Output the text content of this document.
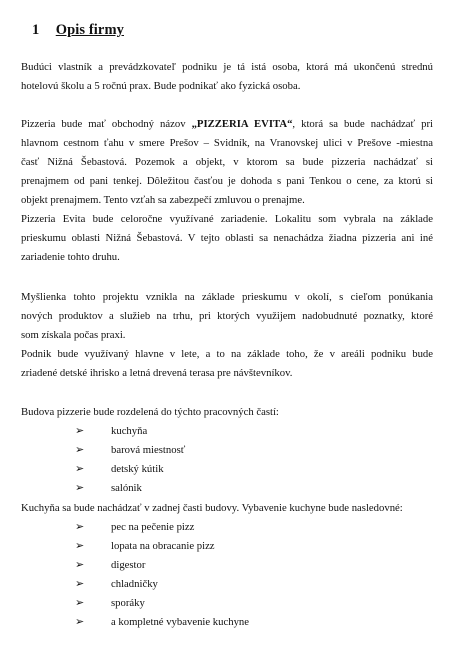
1 Opis firmy

Budúci vlastník a prevádzkovateľ podniku je tá istá osoba, ktorá má ukončenú strednú
hotelovú školu a 5 ročnú prax. Bude podnikať ako fyzická osoba.

Pizzeria bude mať obchodný názov „PIZZERIA EVITA“, ktorá sa bude nachádzať pri
hlavnom cestnom ťahu v smere Prešov – Svidník, na Vranovskej ulici v Prešove -miestna
časť Nižná Šebastová. Pozemok a objekt, v ktorom sa bude pizzeria nachádzať si
prenajmem od pani tenkej. Dôležitou časťou je dohoda s pani Tenkou o cene, za ktorú si
objekt prenajmem. Tento vzťah sa zabezpečí zmluvou o prenajme.

Pizzeria Evita bude celoročne využívané zariadenie. Lokalitu som vybrala na základe
prieskumu oblasti Nižná Šebastová. V tejto oblasti sa nenachádza žiadna pizzeria ani iné
zariadenie tohto druhu.

Myšlienka tohto projektu vznikla na základe prieskumu v okolí, s cieľom ponúkania
nových produktov a služieb na trhu, pri ktorých využijem nadobudnuté poznatky, ktoré
som získala počas praxi.

Podnik bude využívaný hlavne v lete, a to na základe toho, že v areáli podniku bude
zriadené detské ihrisko a letná drevená terasa pre návštevníkov.

Budova pizzerie bude rozdelená do týchto pracovných častí:
➢	kuchyňa
➢	barová miestnosť
➢	detský kútik
➢	salónik
Kuchyňa sa bude nachádzať v zadnej časti budovy. Vybavenie kuchyne bude nasledovné:
➢	pec na pečenie pizz
➢	lopata na obracanie pizz
➢	digestor
➢	chladničky
➢	sporáky
➢	a kompletné vybavenie kuchyne
